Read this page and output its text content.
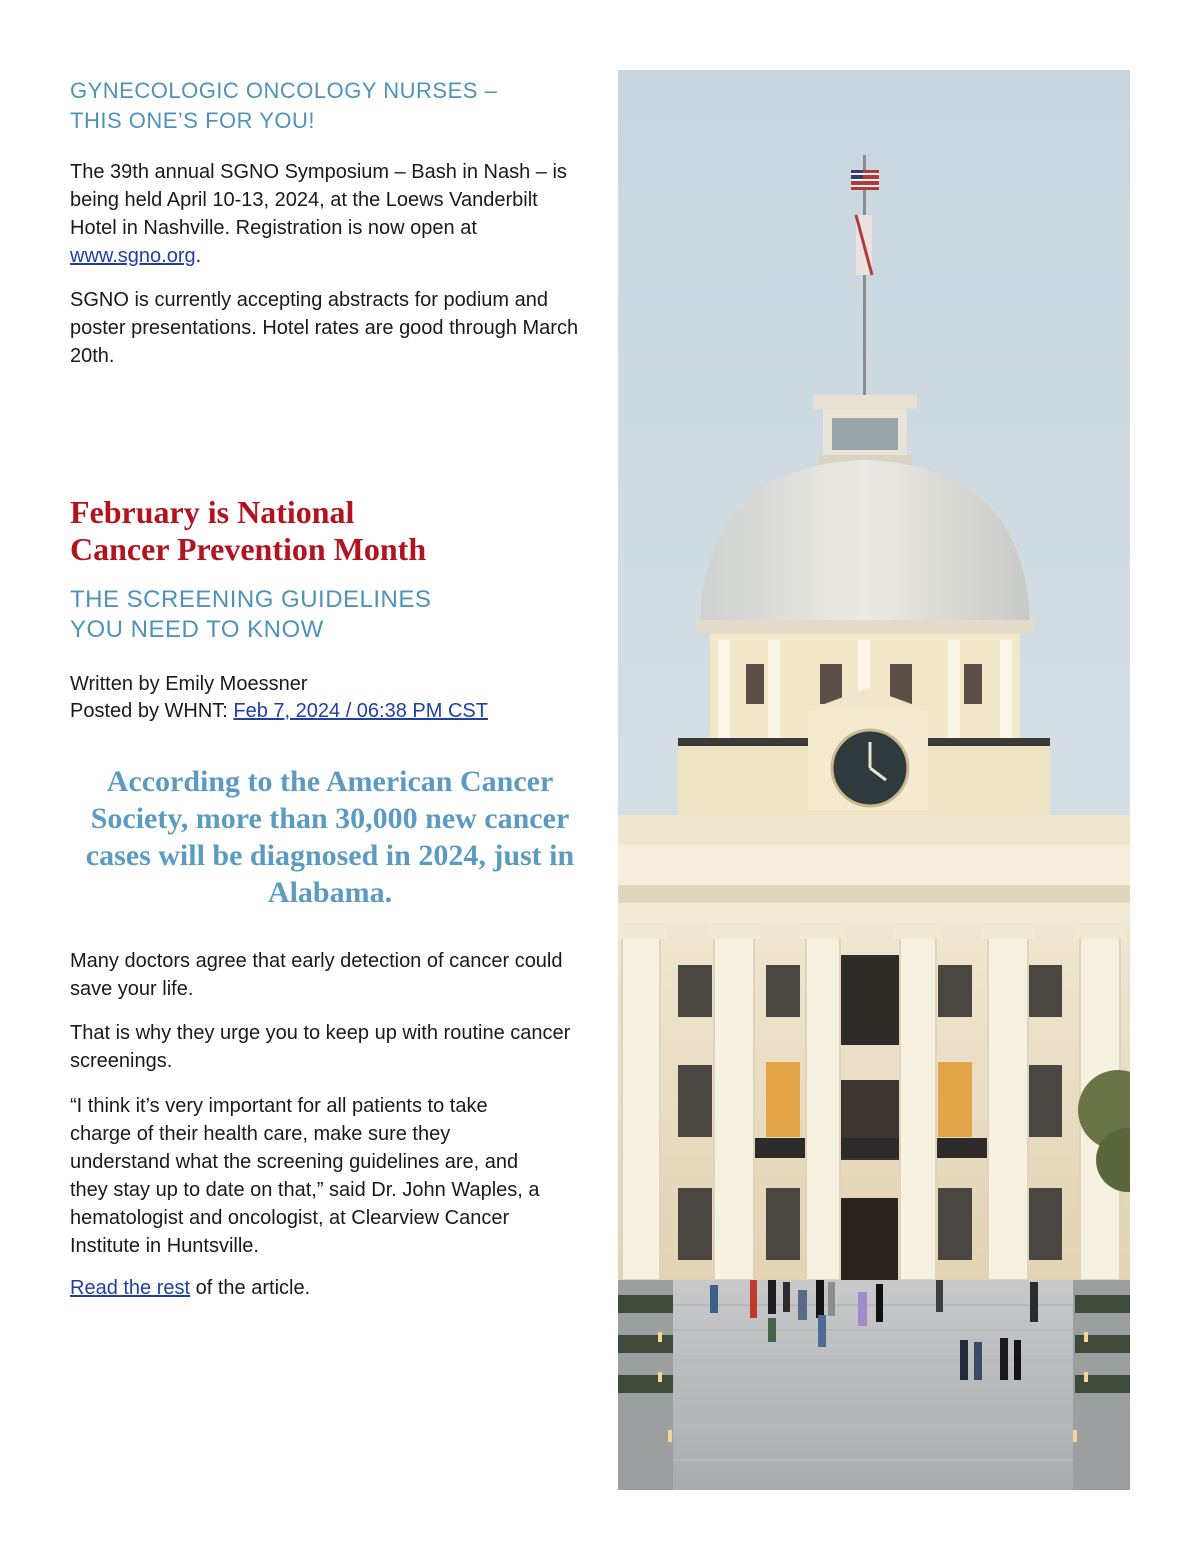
GYNECOLOGIC ONCOLOGY NURSES –
THIS ONE’S FOR YOU!

The 39th annual SGNO Symposium – Bash in Nash – is being held April 10-13, 2024, at the Loews Vanderbilt Hotel in Nashville. Registration is now open at www.sgno.org.

SGNO is currently accepting abstracts for podium and poster presentations. Hotel rates are good through March 20th.

February is National
Cancer Prevention Month
THE SCREENING GUIDELINES
YOU NEED TO KNOW
Written by Emily Moessner
Posted by WHNT: Feb 7, 2024 / 06:38 PM CST

According to the American Cancer Society, more than 30,000 new cancer cases will be diagnosed in 2024, just in Alabama.

Many doctors agree that early detection of cancer could save your life.

That is why they urge you to keep up with routine cancer screenings.

“I think it’s very important for all patients to take charge of their health care, make sure they understand what the screening guidelines are, and they stay up to date on that,” said Dr. John Waples, a hematologist and oncologist, at Clearview Cancer Institute in Huntsville.

Read the rest of the article.
